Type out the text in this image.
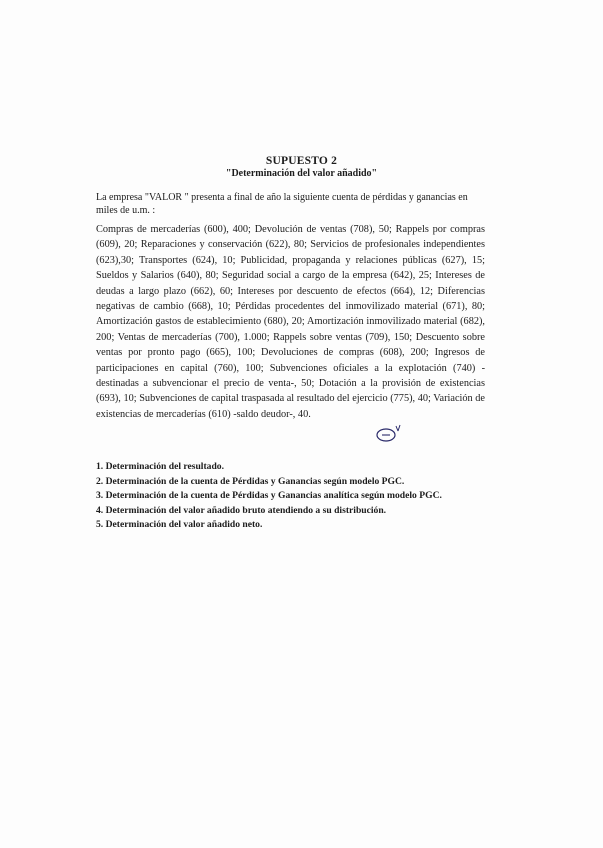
SUPUESTO 2
"Determinación del valor añadido"
La empresa "VALOR " presenta a final de año la siguiente cuenta de pérdidas y ganancias en miles de u.m. :
Compras de mercaderías (600), 400; Devolución de ventas (708), 50; Rappels por compras (609), 20; Reparaciones y conservación (622), 80; Servicios de profesionales independientes (623),30; Transportes (624), 10; Publicidad, propaganda y relaciones públicas (627), 15; Sueldos y Salarios (640), 80; Seguridad social a cargo de la empresa (642), 25; Intereses de deudas a largo plazo (662), 60; Intereses por descuento de efectos (664), 12; Diferencias negativas de cambio (668), 10; Pérdidas procedentes del inmovilizado material (671), 80; Amortización gastos de establecimiento (680), 20; Amortización inmovilizado material (682), 200; Ventas de mercaderías (700), 1.000; Rappels sobre ventas (709), 150; Descuento sobre ventas por pronto pago (665), 100; Devoluciones de compras (608), 200; Ingresos de participaciones en capital (760), 100; Subvenciones oficiales a la explotación (740) -destinadas a subvencionar el precio de venta-, 50; Dotación a la provisión de existencias (693), 10; Subvenciones de capital traspasada al resultado del ejercicio (775), 40; Variación de existencias de mercaderías (610) -saldo deudor-, 40.
1. Determinación del resultado.
2. Determinación de la cuenta de Pérdidas y Ganancias según modelo PGC.
3. Determinación de la cuenta de Pérdidas y Ganancias analítica según modelo PGC.
4. Determinación del valor añadido bruto atendiendo a su distribución.
5. Determinación del valor añadido neto.
